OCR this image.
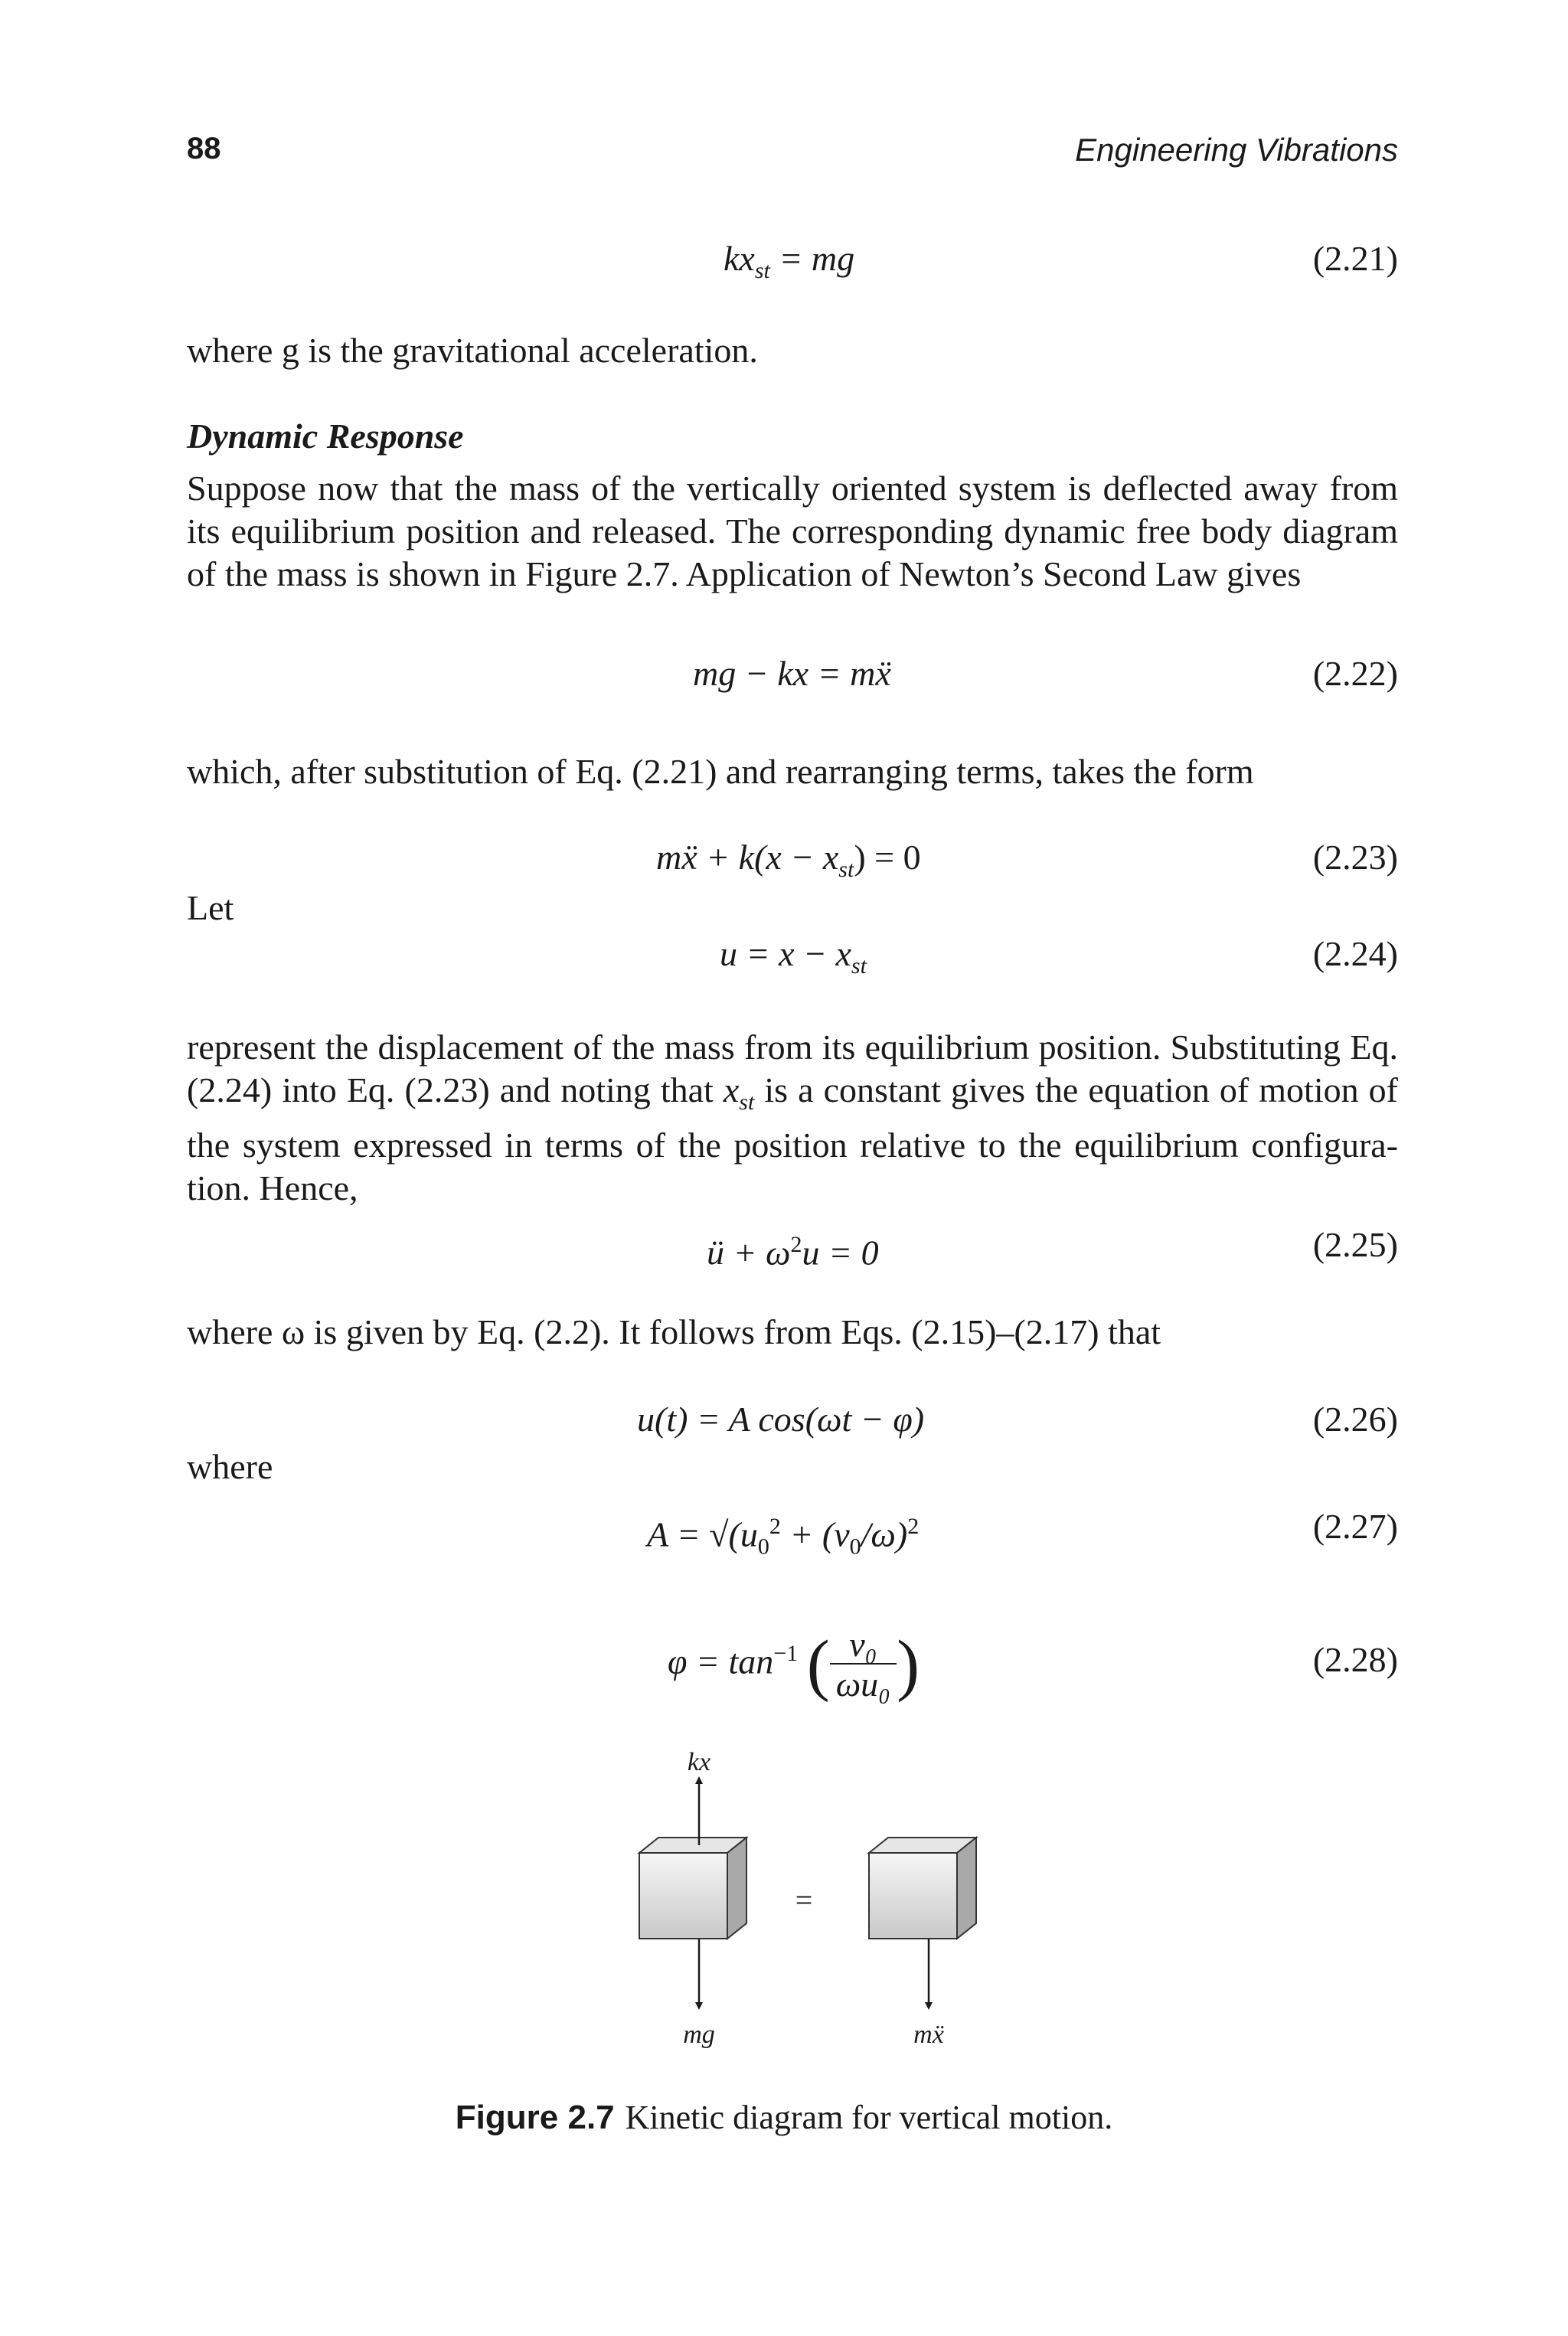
88	Engineering Vibrations
$kx_{st}$ = mg	(2.21)
where g is the gravitational acceleration.
Dynamic Response
Suppose now that the mass of the vertically oriented system is deflected away from its equilibrium position and released. The corresponding dynamic free body diagram of the mass is shown in Figure 2.7. Application of Newton’s Second Law gives
mg − kx = mẍ	(2.22)
which, after substitution of Eq. (2.21) and rearranging terms, takes the form
mẍ + $k(x - x_{st}) = 0$	(2.23)
Let
$u = x - x_{st}$	(2.24)
represent the displacement of the mass from its equilibrium position. Substituting Eq. (2.24) into Eq. (2.23) and noting that $x_{st}$ is a constant gives the equation of motion of the system expressed in terms of the position relative to the equilibrium configura- tion. Hence,
ü + $\omega^2u = 0$	(2.25)
where ω is given by Eq. (2.2). It follows from Eqs. (2.15)–(2.17) that
u(t) = A cos(ωt − φ)	(2.26)
where
$A = √(u_0^2 + (v_0/\omega)^2$	(2.27)
$\varphi = \tan^{-1}$ ( $\frac{\text{v₀}}{\text{ωu₀}}$ )	(2.28)
kx
=
mg	mẍ
Figure 2.7 Kinetic diagram for vertical motion.
